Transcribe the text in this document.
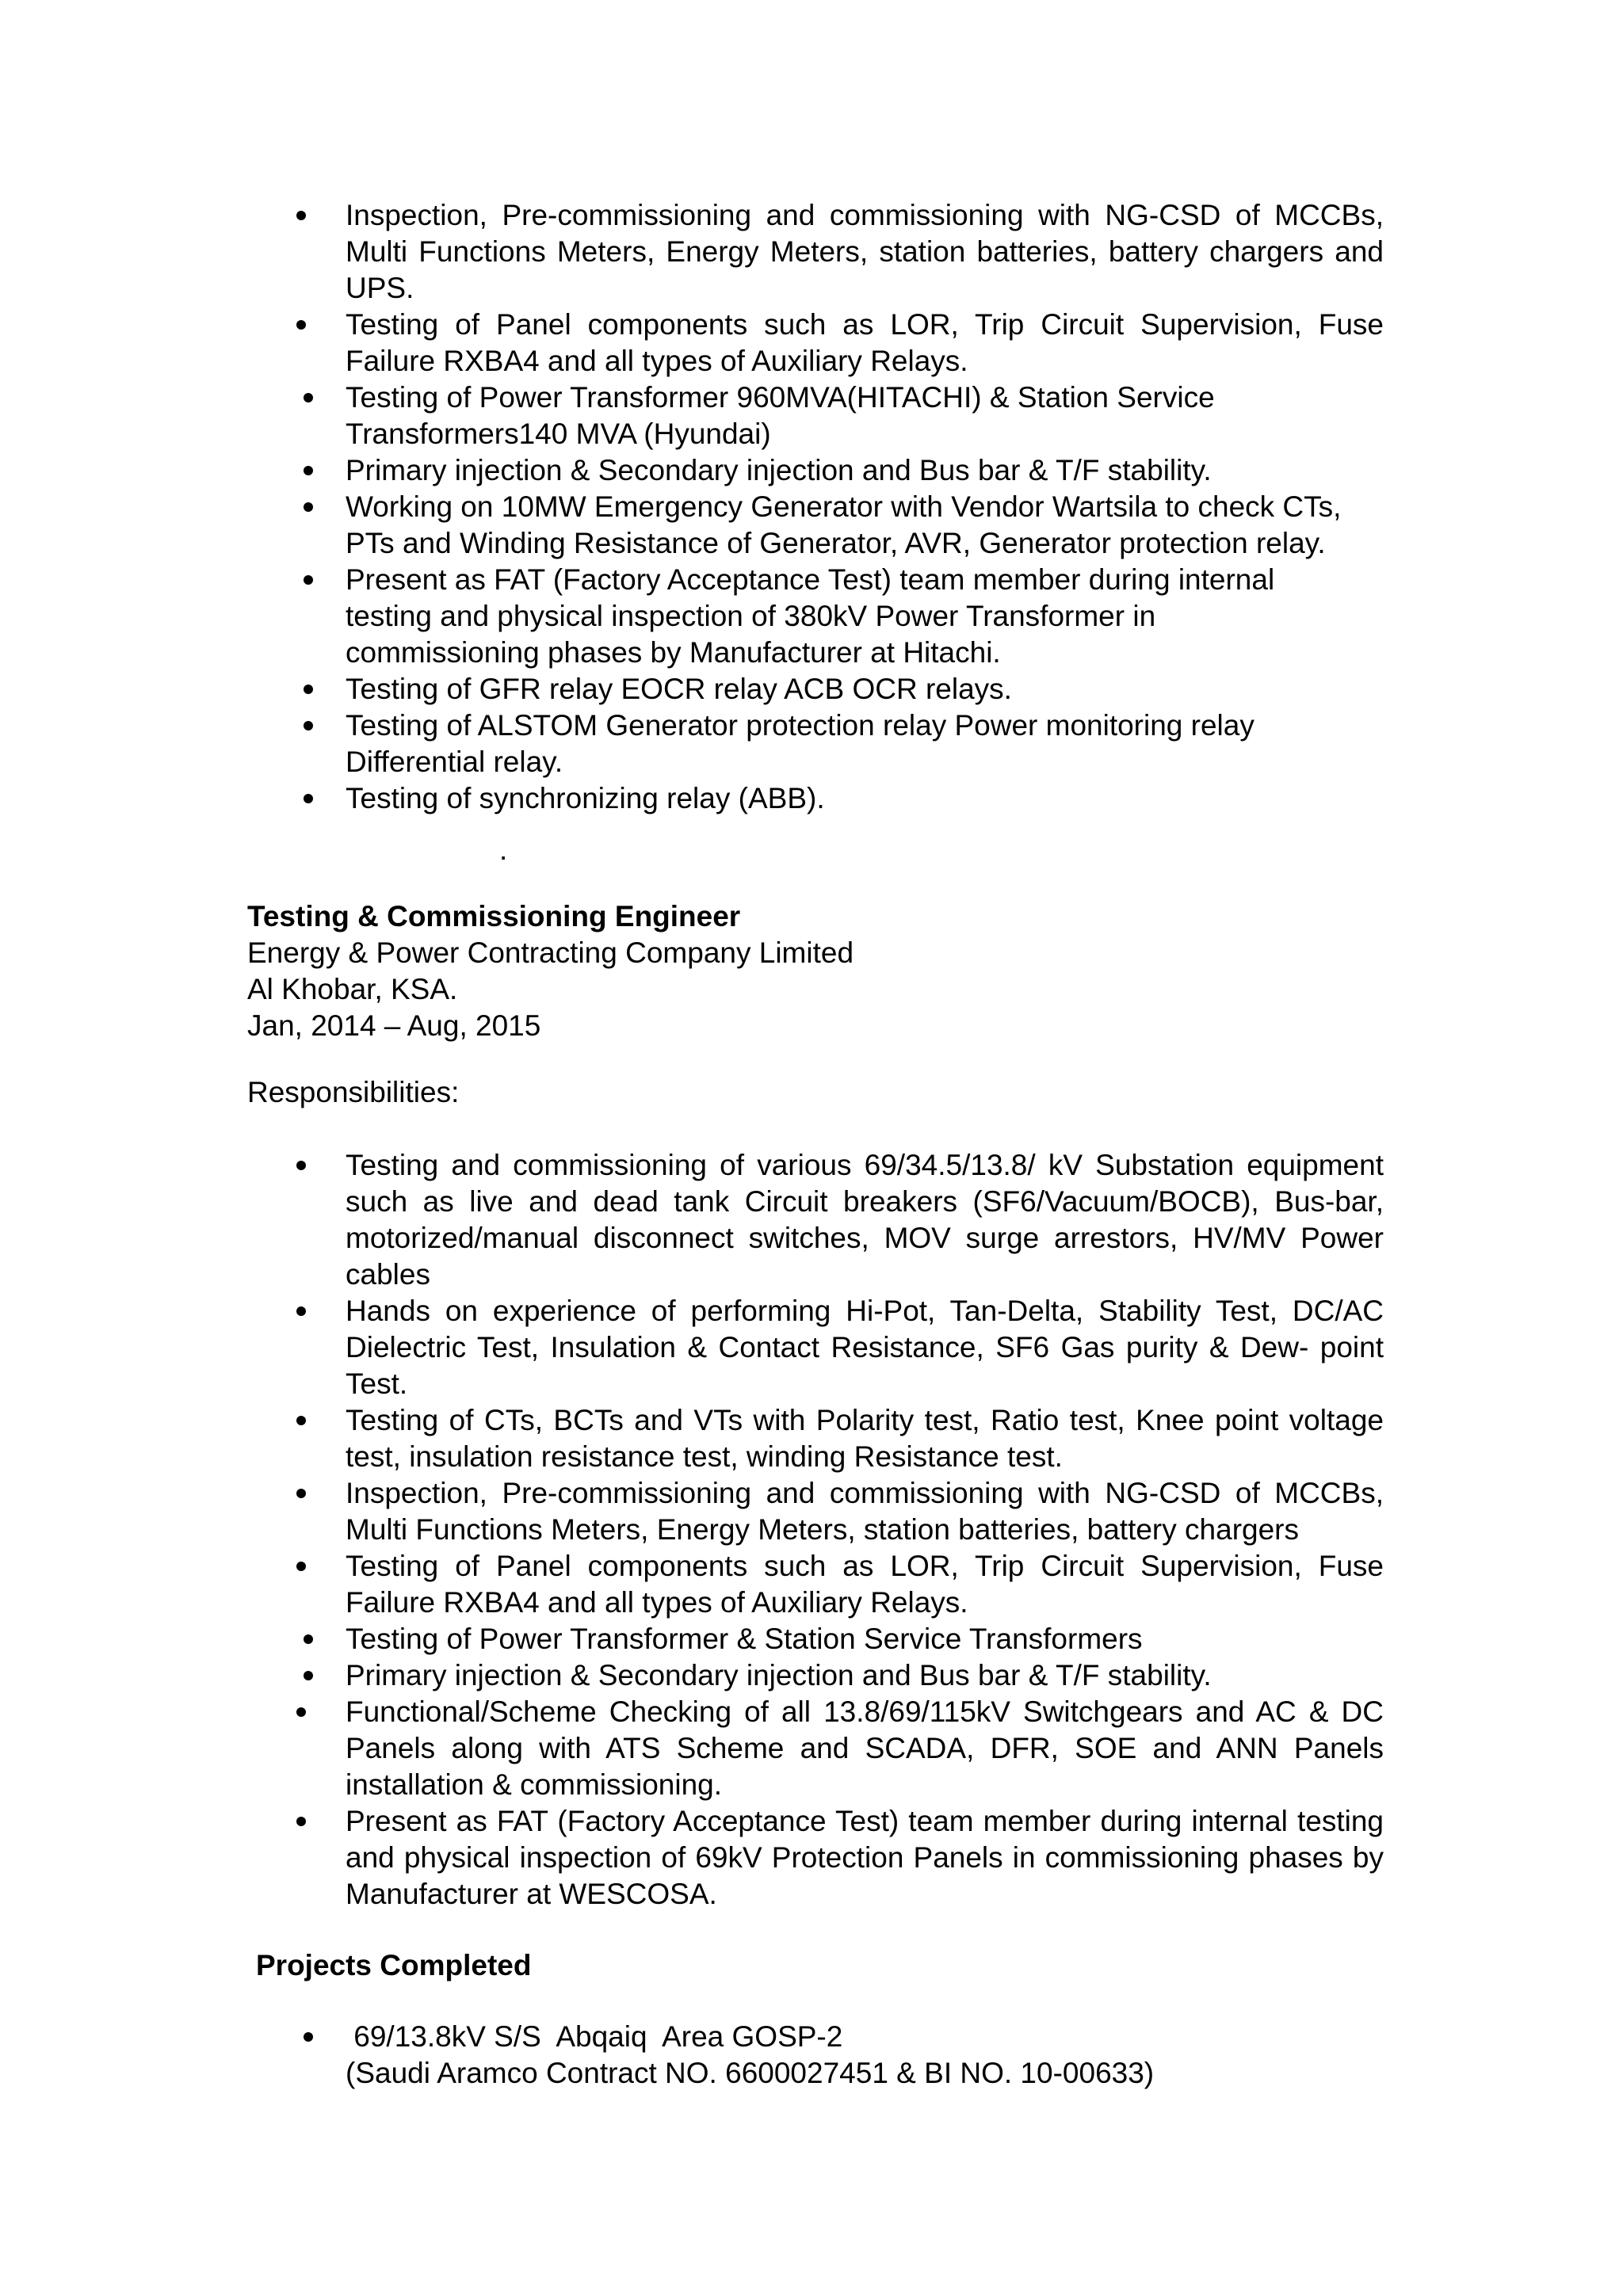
Inspection, Pre-commissioning and commissioning with NG-CSD of MCCBs, Multi Functions Meters, Energy Meters, station batteries, battery chargers and UPS.
Testing of Panel components such as LOR, Trip Circuit Supervision, Fuse Failure RXBA4 and all types of Auxiliary Relays.
Testing of Power Transformer 960MVA(HITACHI) & Station Service Transformers140 MVA (Hyundai)
Primary injection & Secondary injection and Bus bar & T/F stability.
Working on 10MW Emergency Generator with Vendor Wartsila to check CTs, PTs and Winding Resistance of Generator, AVR, Generator protection relay.
Present as FAT (Factory Acceptance Test) team member during internal testing and physical inspection of 380kV Power Transformer in commissioning phases by Manufacturer at Hitachi.
Testing of GFR relay EOCR relay ACB OCR relays.
Testing of ALSTOM Generator protection relay Power monitoring relay Differential relay.
Testing of synchronizing relay (ABB).
.
Testing & Commissioning Engineer
Energy & Power Contracting Company Limited
Al Khobar, KSA.
Jan, 2014 – Aug, 2015
Responsibilities:
Testing and commissioning of various 69/34.5/13.8/ kV Substation equipment such as live and dead tank Circuit breakers (SF6/Vacuum/BOCB), Bus-bar, motorized/manual disconnect switches, MOV surge arrestors, HV/MV Power cables
Hands on experience of performing Hi-Pot, Tan-Delta, Stability Test, DC/AC Dielectric Test, Insulation & Contact Resistance, SF6 Gas purity & Dew- point Test.
Testing of CTs, BCTs and VTs with Polarity test, Ratio test, Knee point voltage test, insulation resistance test, winding Resistance test.
Inspection, Pre-commissioning and commissioning with NG-CSD of MCCBs, Multi Functions Meters, Energy Meters, station batteries, battery chargers
Testing of Panel components such as LOR, Trip Circuit Supervision, Fuse Failure RXBA4 and all types of Auxiliary Relays.
Testing of Power Transformer & Station Service Transformers
Primary injection & Secondary injection and Bus bar & T/F stability.
Functional/Scheme Checking of all 13.8/69/115kV Switchgears and AC & DC Panels along with ATS Scheme and SCADA, DFR, SOE and ANN Panels installation & commissioning.
Present as FAT (Factory Acceptance Test) team member during internal testing and physical inspection of 69kV Protection Panels in commissioning phases by Manufacturer at WESCOSA.
Projects Completed
69/13.8kV S/S  Abqaiq  Area GOSP-2
(Saudi Aramco Contract NO. 6600027451 & BI NO. 10-00633)
